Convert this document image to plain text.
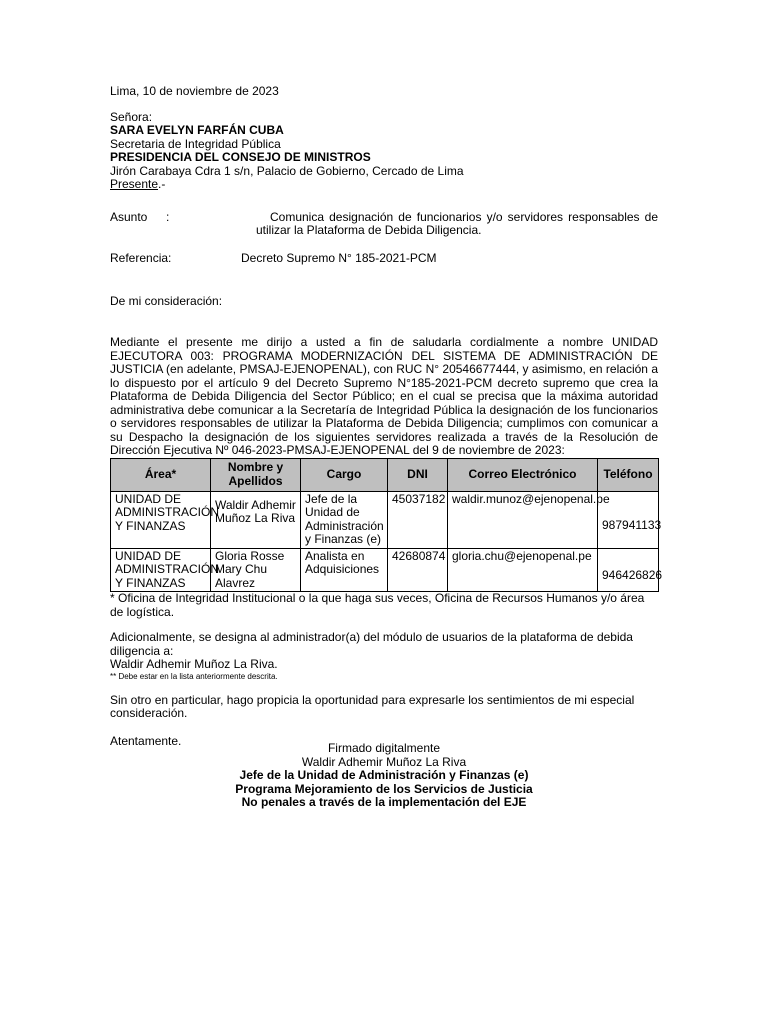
Lima, 10 de noviembre de 2023

Señora:

SARA EVELYN FARFÁN CUBA

Secretaria de Integridad Pública

PRESIDENCIA DEL CONSEJO DE MINISTROS

Jirón Carabaya Cdra 1 s/n, Palacio de Gobierno, Cercado de Lima

Presente.-

Asunto :	Comunica designación de funcionarios y/o servidores responsables de utilizar la Plataforma de Debida Diligencia.
Referencia:	Decreto Supremo N° 185-2021-PCM

De mi consideración:

Mediante el presente me dirijo a usted a fin de saludarla cordialmente a nombre UNIDAD EJECUTORA 003: PROGRAMA MODERNIZACIÓN DEL SISTEMA DE ADMINISTRACIÓN DE JUSTICIA (en adelante, PMSAJ-EJENOPENAL), con RUC N° 20546677444, y asimismo, en relación a lo dispuesto por el artículo 9 del Decreto Supremo N°185-2021-PCM decreto supremo que crea la Plataforma de Debida Diligencia del Sector Público; en el cual se precisa que la máxima autoridad administrativa debe comunicar a la Secretaría de Integridad Pública la designación de los funcionarios o servidores responsables de utilizar la Plataforma de Debida Diligencia; cumplimos con comunicar a su Despacho la designación de los siguientes servidores realizada a través de la Resolución de Dirección Ejecutiva Nº 046-2023-PMSAJ-EJENOPENAL del 9 de noviembre de 2023:

Área*	Nombre y Apellidos	Cargo	DNI	Correo Electrónico	Teléfono
UNIDAD DE ADMINISTRACIÓN Y FINANZAS	Waldir Adhemir Muñoz La Riva	Jefe de la Unidad de Administración y Finanzas (e)	45037182	waldir.munoz@ejenopenal.pe	987941133

UNIDAD DE ADMINISTRACIÓN Y FINANZAS	Gloria Rosse Mary Chu Alavrez	Analista en Adquisiciones	42680874	gloria.chu@ejenopenal.pe	946426826

* Oficina de Integridad Institucional o la que haga sus veces, Oficina de Recursos Humanos y/o área de logística.

Adicionalmente, se designa al administrador(a) del módulo de usuarios de la plataforma de debida diligencia a:

Waldir Adhemir Muñoz La Riva.

** Debe estar en la lista anteriormente descrita.

Sin otro en particular, hago propicia la oportunidad para expresarle los sentimientos de mi especial consideración.

Atentamente.

Firmado digitalmente

Waldir Adhemir Muñoz La Riva

Jefe de la Unidad de Administración y Finanzas (e)

Programa Mejoramiento de los Servicios de Justicia

No penales a través de la implementación del EJE
